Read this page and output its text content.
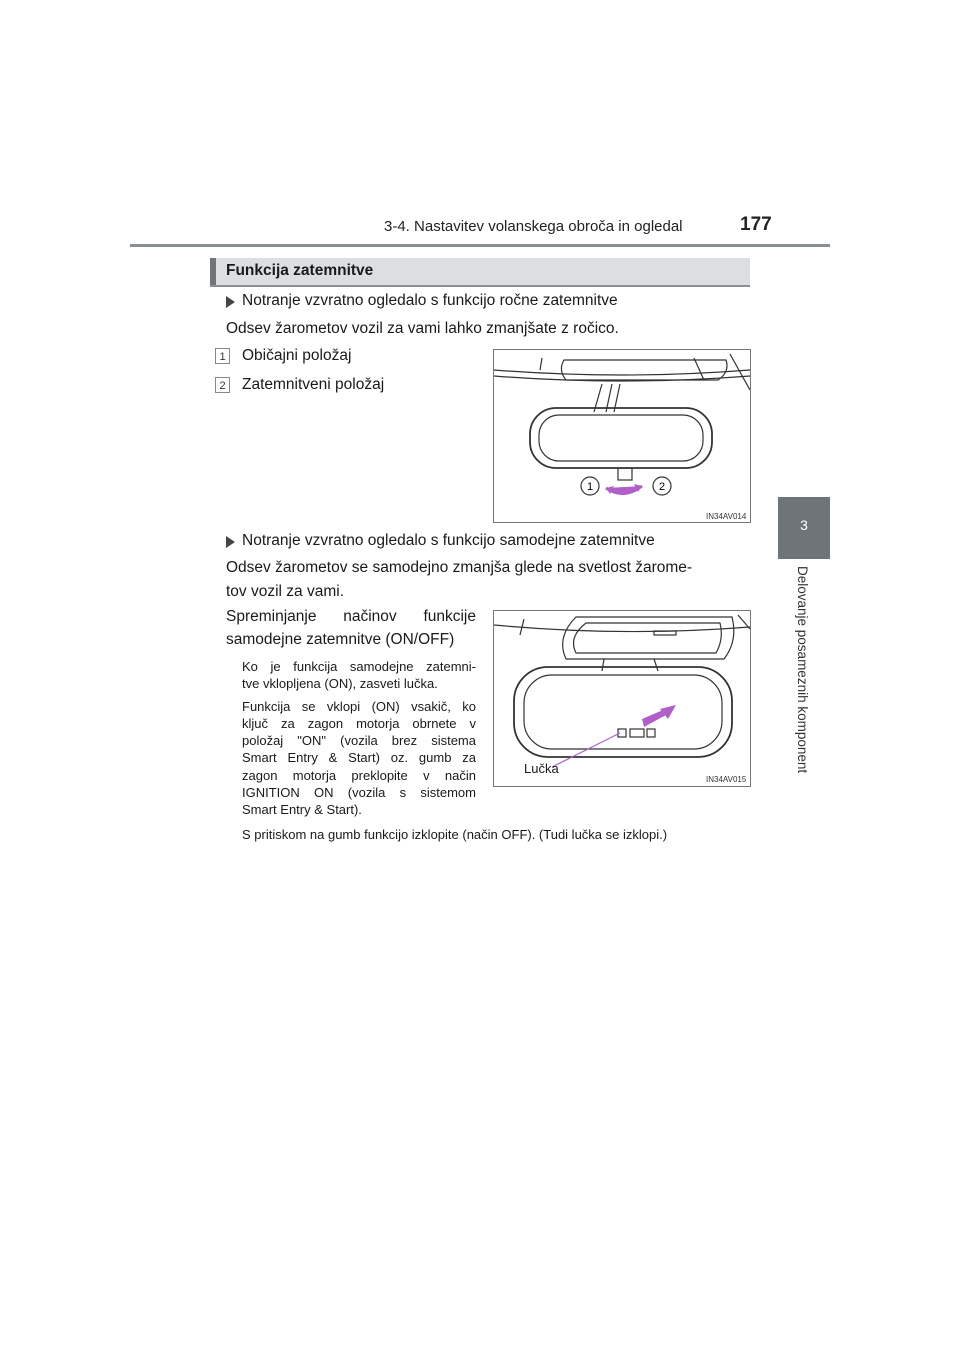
3-4. Nastavitev volanskega obroča in ogledal	177
3
Delovanje posameznih komponent
Funkcija zatemnitve
Notranje vzvratno ogledalo s funkcijo ročne zatemnitve
Odsev žarometov vozil za vami lahko zmanjšate z ročico.
1 Običajni položaj
2 Zatemnitveni položaj
1	2
IN34AV014
Notranje vzvratno ogledalo s funkcijo samodejne zatemnitve
Odsev žarometov se samodejno zmanjša glede na svetlost žarome-
tov vozil za vami.
Spreminjanje načinov funkcije
samodejne zatemnitve (ON/OFF)
Ko je funkcija samodejne zatemni-
tve vklopljena (ON), zasveti lučka.
Funkcija se vklopi (ON) vsakič, ko
ključ za zagon motorja obrnete v
položaj "ON" (vozila brez sistema
Smart Entry & Start) oz. gumb za
zagon motorja preklopite v način
IGNITION ON (vozila s sistemom
Smart Entry & Start).
S pritiskom na gumb funkcijo izklopite (način OFF). (Tudi lučka se izklopi.)
Lučka
IN34AV015
